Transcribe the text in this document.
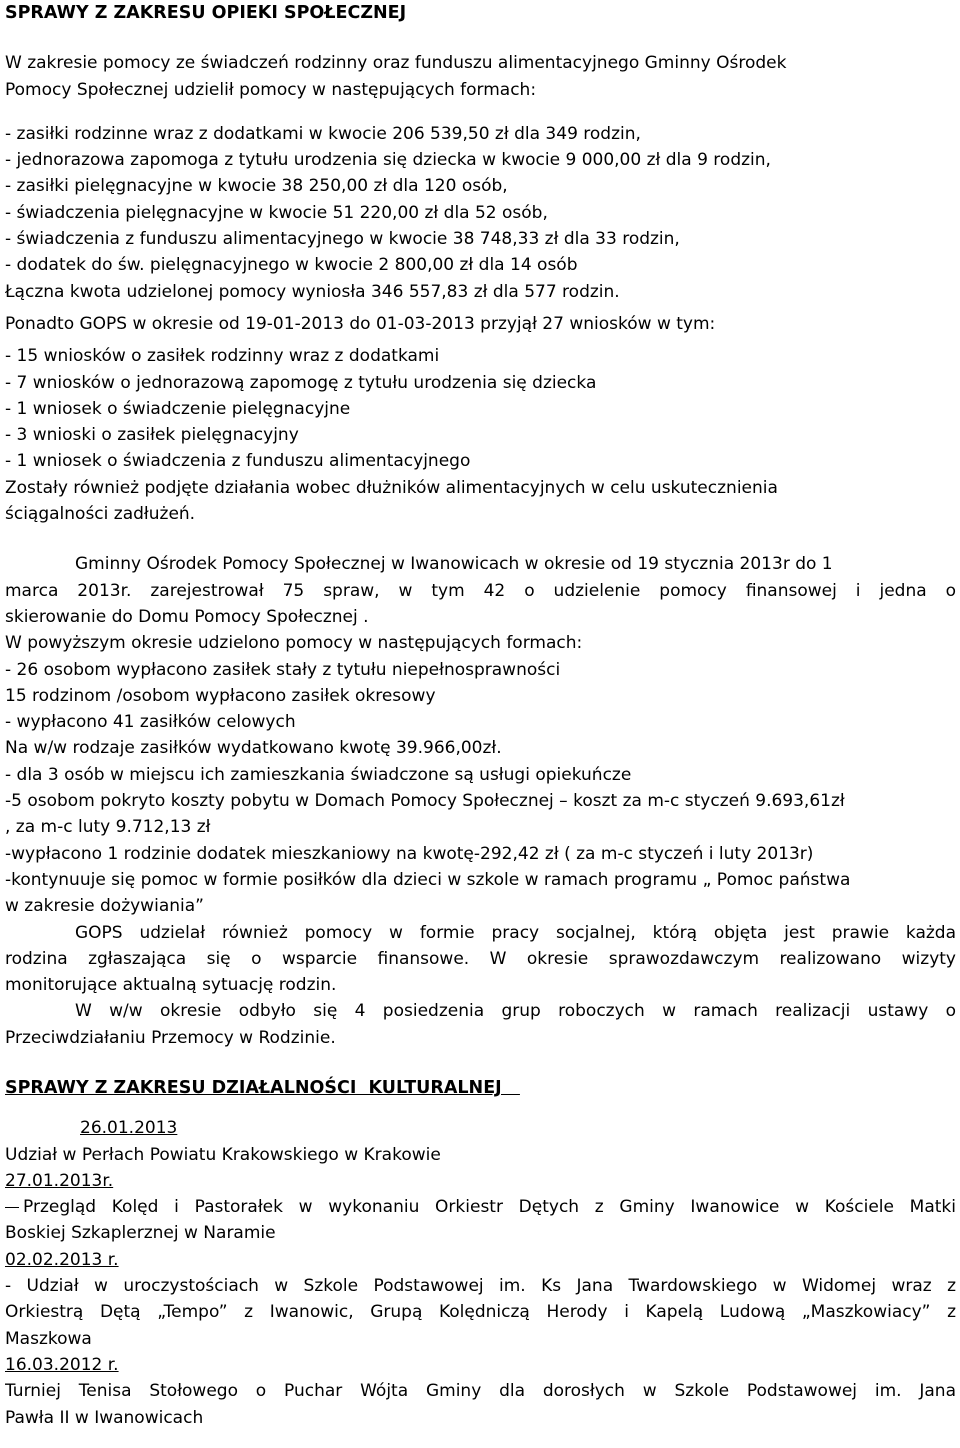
SPRAWY Z ZAKRESU OPIEKI SPOŁECZNEJ
W zakresie pomocy ze świadczeń rodzinny oraz funduszu alimentacyjnego Gminny Ośrodek
Pomocy Społecznej udzielił pomocy w następujących formach:
- zasiłki rodzinne wraz z dodatkami w kwocie 206 539,50 zł dla 349 rodzin,
- jednorazowa zapomoga z tytułu urodzenia się dziecka w kwocie 9 000,00 zł dla 9 rodzin,
- zasiłki pielęgnacyjne w kwocie 38 250,00 zł dla 120 osób,
- świadczenia pielęgnacyjne w kwocie 51 220,00 zł dla 52 osób,
- świadczenia z funduszu alimentacyjnego w kwocie 38 748,33 zł dla 33 rodzin,
- dodatek do św. pielęgnacyjnego w kwocie 2 800,00 zł dla 14 osób
Łączna kwota udzielonej pomocy wyniosła 346 557,83 zł dla 577 rodzin.
Ponadto GOPS w okresie od 19-01-2013 do 01-03-2013 przyjął 27 wniosków w tym:
- 15 wniosków o zasiłek rodzinny wraz z dodatkami
- 7 wniosków o jednorazową zapomogę z tytułu urodzenia się dziecka
- 1 wniosek o świadczenie pielęgnacyjne
- 3 wnioski o zasiłek pielęgnacyjny
- 1 wniosek o świadczenia z funduszu alimentacyjnego
Zostały również podjęte działania wobec dłużników alimentacyjnych w celu uskutecznienia
ściągalności zadłużeń.
Gminny Ośrodek Pomocy Społecznej w Iwanowicach w okresie od 19 stycznia 2013r do 1
marca 2013r. zarejestrował 75 spraw, w tym 42 o udzielenie pomocy finansowej i jedna o
skierowanie do Domu Pomocy Społecznej .
W powyższym okresie udzielono pomocy w następujących formach:
- 26 osobom wypłacono zasiłek stały z tytułu niepełnosprawności
15 rodzinom /osobom wypłacono zasiłek okresowy
- wypłacono 41 zasiłków celowych
Na w/w rodzaje zasiłków wydatkowano kwotę 39.966,00zł.
- dla 3 osób w miejscu ich zamieszkania świadczone są usługi opiekuńcze
-5 osobom pokryto koszty pobytu w Domach Pomocy Społecznej – koszt za m-c styczeń 9.693,61zł
, za m-c luty 9.712,13 zł
-wypłacono 1 rodzinie dodatek mieszkaniowy na kwotę-292,42 zł ( za m-c styczeń i luty 2013r)
-kontynuuje się pomoc w formie posiłków dla dzieci w szkole w ramach programu „ Pomoc państwa
w zakresie dożywiania”
GOPS udzielał również pomocy w formie pracy socjalnej, którą objęta jest prawie każda
rodzina zgłaszająca się o wsparcie finansowe. W okresie sprawozdawczym realizowano wizyty
monitorujące aktualną sytuację rodzin.
W w/w okresie odbyło się 4 posiedzenia grup roboczych w ramach realizacji ustawy o
Przeciwdziałaniu Przemocy w Rodzinie.
SPRAWY Z ZAKRESU DZIAŁALNOŚCI  KULTURALNEJ
26.01.2013
Udział w Perłach Powiatu Krakowskiego w Krakowie
27.01.2013r.
Przegląd Kolęd i Pastorałek w wykonaniu Orkiestr Dętych z Gminy Iwanowice w Kościele Matki
Boskiej Szkaplerznej w Naramie
02.02.2013 r.
- Udział w uroczystościach w Szkole Podstawowej im. Ks Jana Twardowskiego w Widomej wraz z
Orkiestrą Dętą „Tempo” z Iwanowic, Grupą Kolędniczą Herody i Kapelą Ludową „Maszkowiacy” z
Maszkowa
16.03.2012 r.
Turniej Tenisa Stołowego o Puchar Wójta Gminy dla dorosłych w Szkole Podstawowej im. Jana
Pawła II w Iwanowicach
